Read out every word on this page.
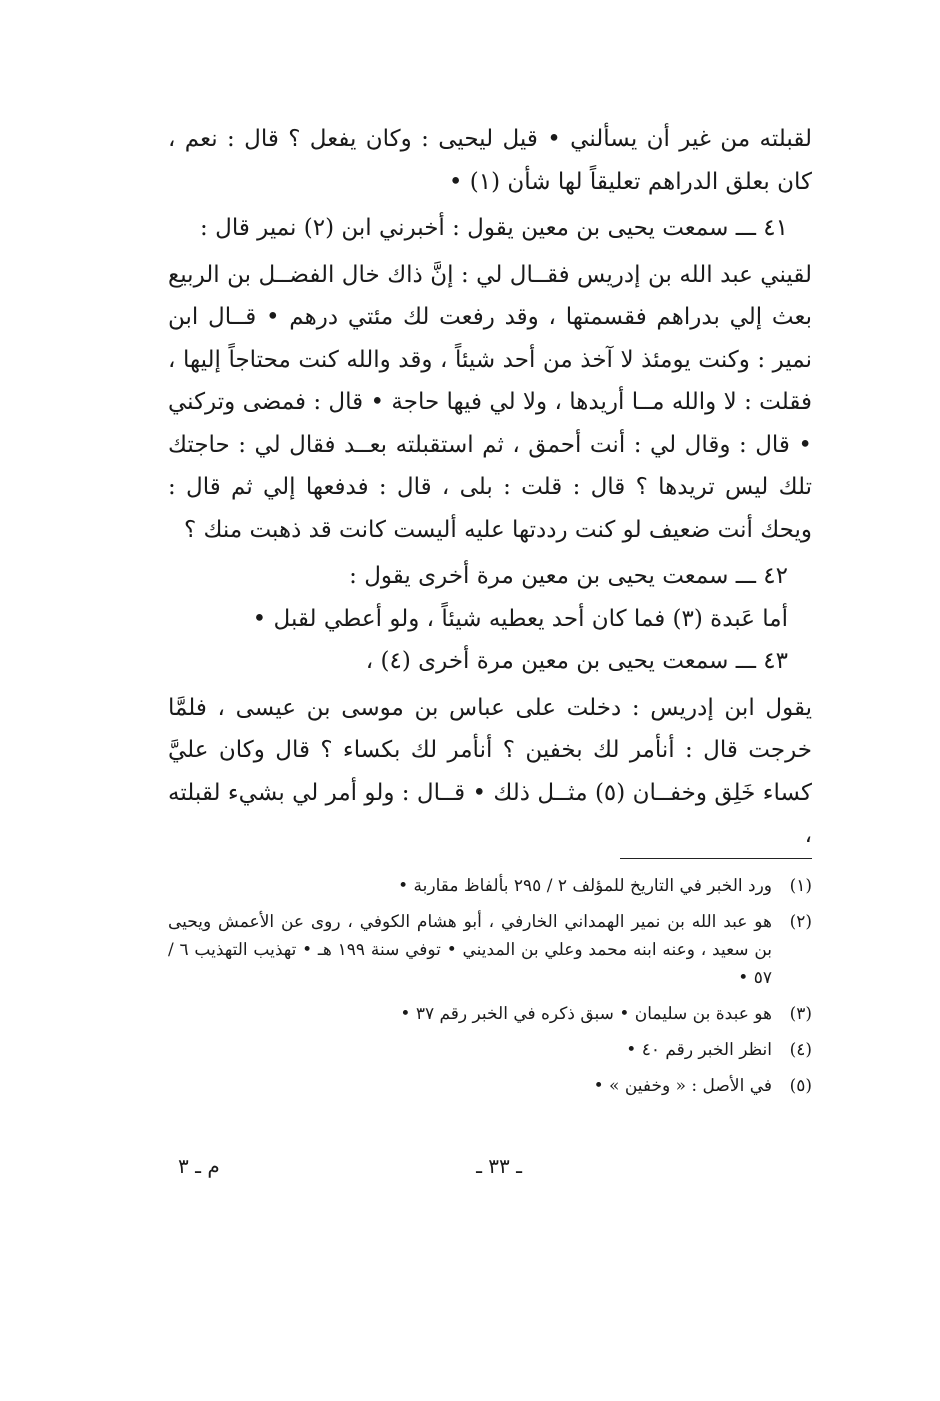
لقبلته من غير أن يسألني • قيل ليحيى : وكان يفعل ؟ قال : نعم ، كان بعلق الدراهم تعليقاً لها شأن (١) •

٤١ ـــ سمعت يحيى بن معين يقول : أخبرني ابن (٢) نمير قال :

لقيني عبد الله بن إدريس فقــال لي : إنَّ ذاك خال الفضــل بن الربيع بعث إلي بدراهم فقسمتها ، وقد رفعت لك مئتي درهم • قــال ابن نمير : وكنت يومئذ لا آخذ من أحد شيئاً ، وقد والله كنت محتاجاً إليها ، فقلت : لا والله مــا أريدها ، ولا لي فيها حاجة • قال : فمضى وتركني • قال : وقال لي : أنت أحمق ، ثم استقبلته بعــد فقال لي : حاجتك تلك ليس تريدها ؟ قال : قلت : بلى ، قال : فدفعها إلي ثم قال : ويحك أنت ضعيف لو كنت رددتها عليه أليست كانت قد ذهبت منك ؟

٤٢ ـــ سمعت يحيى بن معين مرة أخرى يقول :

أما عَبدة (٣) فما كان أحد يعطيه شيئاً ، ولو أعطي لقبل •

٤٣ ـــ سمعت يحيى بن معين مرة أخرى (٤) ،

يقول ابن إدريس : دخلت على عباس بن موسى بن عيسى ، فلمَّا خرجت قال : أنأمر لك بخفين ؟ أنأمر لك بكساء ؟ قال وكان عليَّ كساء خَلِق وخفــان (٥) مثــل ذلك • قــال : ولو أمر لي بشيء لقبلته ،

(١)
ورد الخبر في التاريخ للمؤلف ٢ / ٢٩٥ بألفاظ مقاربة •
(٢)
هو عبد الله بن نمير الهمداني الخارفي ، أبو هشام الكوفي ، روى عن الأعمش ويحيى بن سعيد ، وعنه ابنه محمد وعلي بن المديني • توفي سنة ١٩٩ هـ • تهذيب التهذيب ٦ / ٥٧ •
(٣)
هو عبدة بن سليمان • سبق ذكره في الخبر رقم ٣٧ •
(٤)
انظر الخبر رقم ٤٠ •
(٥)
في الأصل : « وخفين » •
ـ ٣٣ ـ
م ـ ٣
